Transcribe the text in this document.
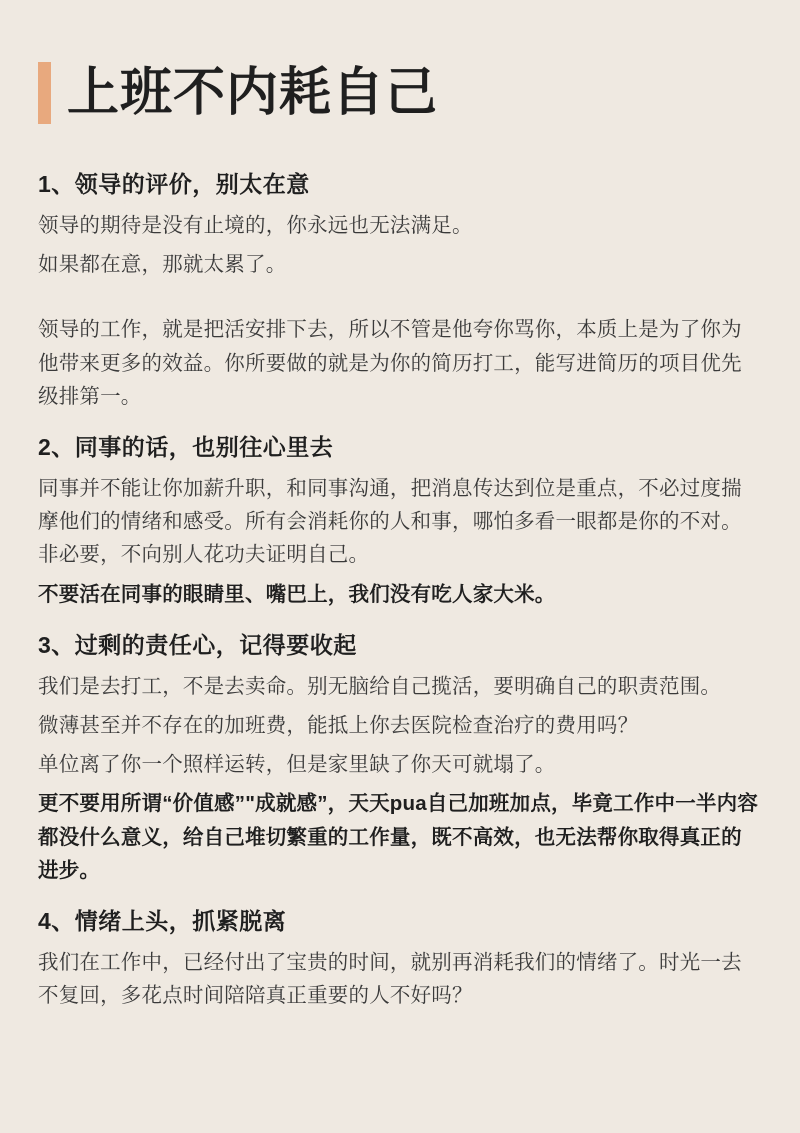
上班不内耗自己
1、领导的评价，别太在意

领导的期待是没有止境的，你永远也无法满足。

如果都在意，那就太累了。

领导的工作，就是把活安排下去，所以不管是他夸你骂你，本质上是为了你为他带来更多的效益。你所要做的就是为你的简历打工，能写进简历的项目优先级排第一。

2、同事的话，也别往心里去

同事并不能让你加薪升职，和同事沟通，把消息传达到位是重点，不必过度揣摩他们的情绪和感受。所有会消耗你的人和事，哪怕多看一眼都是你的不对。非必要，不向别人花功夫证明自己。

不要活在同事的眼睛里、嘴巴上，我们没有吃人家大米。

3、过剩的责任心，记得要收起

我们是去打工，不是去卖命。别无脑给自己揽活，要明确自己的职责范围。

微薄甚至并不存在的加班费，能抵上你去医院检查治疗的费用吗？

单位离了你一个照样运转，但是家里缺了你天可就塌了。

更不要用所谓“价值感”"成就感”，天天pua自己加班加点，毕竟工作中一半内容都没什么意义，给自己堆切繁重的工作量，既不高效，也无法帮你取得真正的进步。

4、情绪上头，抓紧脱离

我们在工作中，已经付出了宝贵的时间，就别再消耗我们的情绪了。时光一去不复回，多花点时间陪陪真正重要的人不好吗？
